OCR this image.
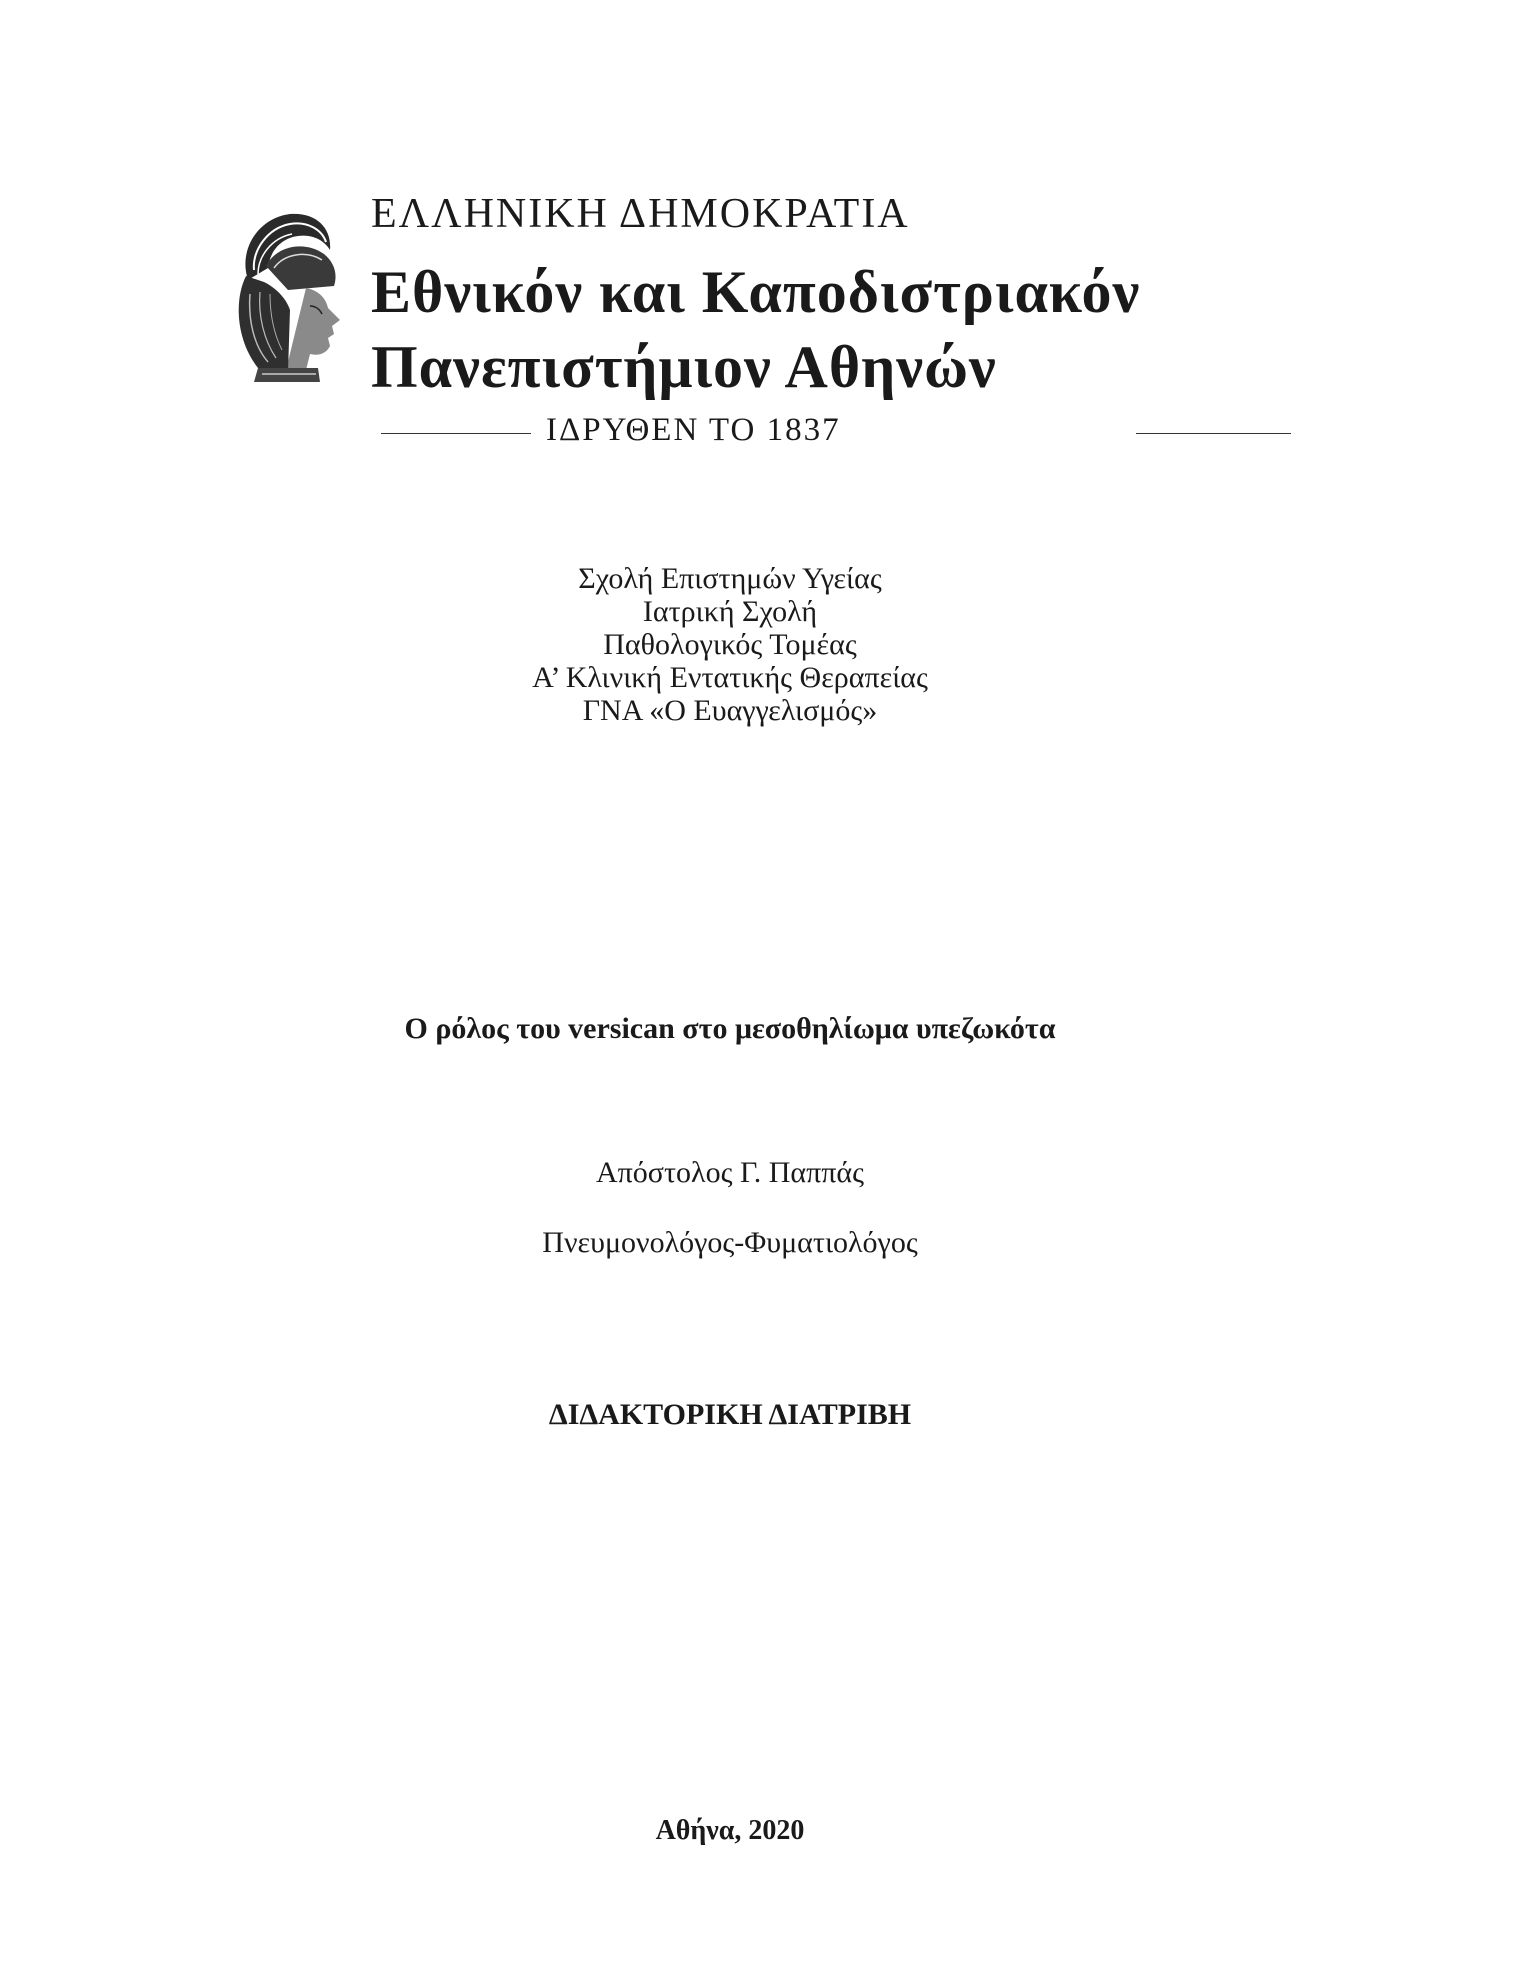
ΕΛΛΗΝΙΚΗ ΔΗΜΟΚΡΑΤΙΑ
Εθνικόν και Καποδιστριακόν
Πανεπιστήμιον Αθηνών
ΙΔΡΥΘΕΝ ΤΟ 1837
Σχολή Επιστημών Υγείας
Ιατρική Σχολή
Παθολογικός Τομέας
Α’ Κλινική Εντατικής Θεραπείας
ΓΝΑ «Ο Ευαγγελισμός»
Ο ρόλος του versican στο μεσοθηλίωμα υπεζωκότα
Απόστολος Γ. Παππάς
Πνευμονολόγος-Φυματιολόγος
ΔΙΔΑΚΤΟΡΙΚΗ ΔΙΑΤΡΙΒΗ
Αθήνα, 2020
